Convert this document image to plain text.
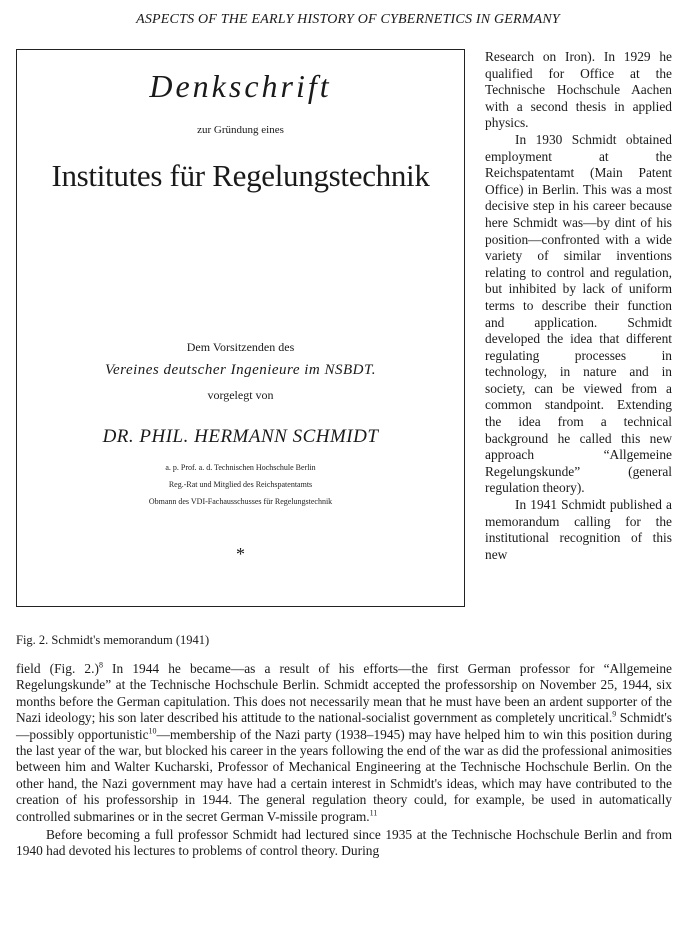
ASPECTS OF THE EARLY HISTORY OF CYBERNETICS IN GERMANY
Denkschrift
zur Gründung eines
Institutes für Regelungstechnik
Dem Vorsitzenden des
Vereines deutscher Ingenieure im NSBDT.
vorgelegt von
DR. PHIL. HERMANN SCHMIDT
a. p. Prof. a. d. Technischen Hochschule Berlin
Reg.-Rat und Mitglied des Reichspatentamts
Obmann des VDI-Fachausschusses für Regelungstechnik
*

Research on Iron). In 1929 he qualified for Office at the Technische Hochschule Aachen with a second thesis in applied physics.

In 1930 Schmidt obtained employment at the Reichspatentamt (Main Patent Office) in Berlin. This was a most decisive step in his career because here Schmidt was—by dint of his position—confronted with a wide variety of similar inventions relating to control and regulation, but inhibited by lack of uniform terms to describe their function and application. Schmidt developed the idea that different regulating processes in technology, in nature and in society, can be viewed from a common standpoint. Extending the idea from a technical background he called this new approach “Allgemeine Regelungskunde” (general regulation theory).

In 1941 Schmidt published a memorandum calling for the institutional recognition of this new

Fig. 2. Schmidt's memorandum (1941)

field (Fig. 2.)$^8$ In 1944 he became—as a result of his efforts—the first German professor for “Allgemeine Regelungskunde” at the Technische Hochschule Berlin. Schmidt accepted the professorship on November 25, 1944, six months before the German capitulation. This does not necessarily mean that he must have been an ardent supporter of the Nazi ideology; his son later described his attitude to the national-socialist government as completely uncritical.$^9$ Schmidt's—possibly opportunistic$^{10}$—membership of the Nazi party (1938–1945) may have helped him to win this position during the last year of the war, but blocked his career in the years following the end of the war as did the professional animosities between him and Walter Kucharski, Professor of Mechanical Engineering at the Technische Hochschule Berlin. On the other hand, the Nazi government may have had a certain interest in Schmidt's ideas, which may have contributed to the creation of his professorship in 1944. The general regulation theory could, for example, be used in automatically controlled submarines or in the secret German V-missile program.$^{11}$

Before becoming a full professor Schmidt had lectured since 1935 at the Technische Hochschule Berlin and from 1940 had devoted his lectures to problems of control theory. During
